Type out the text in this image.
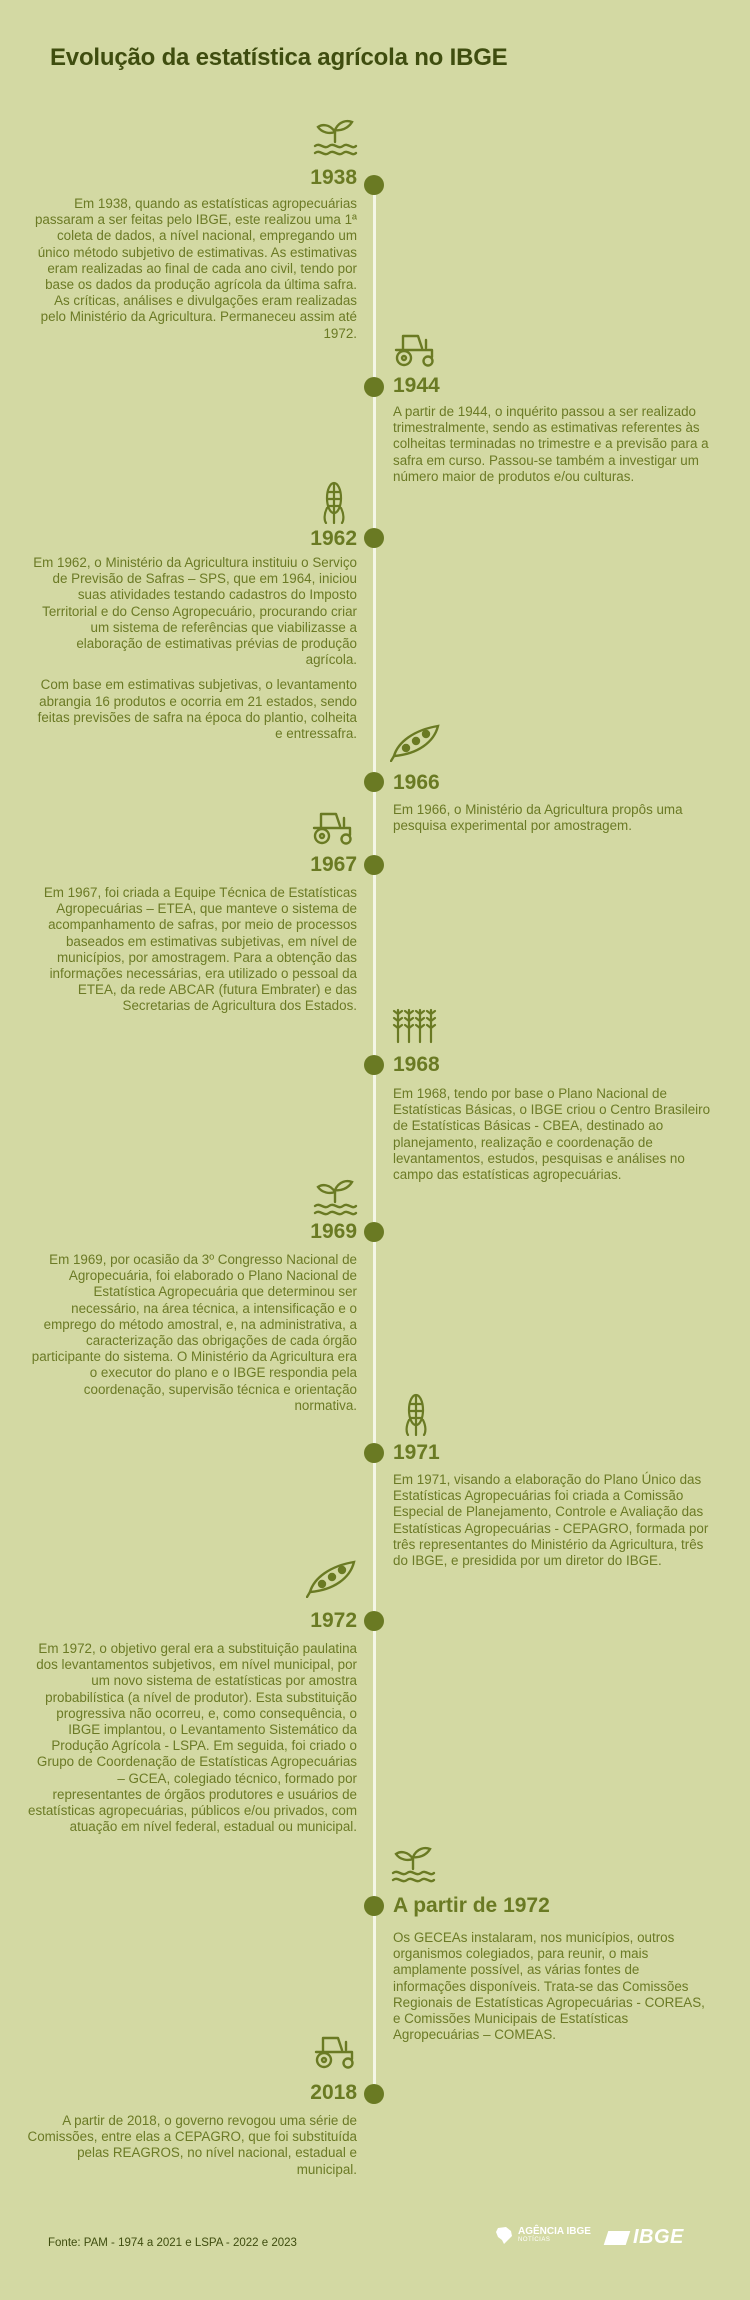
Evolução da estatística agrícola no IBGE
1938

Em 1938, quando as estatísticas agropecuárias passaram a ser feitas pelo IBGE, este realizou uma 1ª coleta de dados, a nível nacional, empregando um único método subjetivo de estimativas. As estimativas eram realizadas ao final de cada ano civil, tendo por base os dados da produção agrícola da última safra. As críticas, análises e divulgações eram realizadas pelo Ministério da Agricultura. Permaneceu assim até 1972.

1944

A partir de 1944, o inquérito passou a ser realizado trimestralmente, sendo as estimativas referentes às colheitas terminadas no trimestre e a previsão para a safra em curso. Passou-se também a investigar um número maior de produtos e/ou culturas.

1962

Em 1962, o Ministério da Agricultura instituiu o Serviço de Previsão de Safras – SPS, que em 1964, iniciou suas atividades testando cadastros do Imposto Territorial e do Censo Agropecuário, procurando criar um sistema de referências que viabilizasse a elaboração de estimativas prévias de produção agrícola.

Com base em estimativas subjetivas, o levantamento abrangia 16 produtos e ocorria em 21 estados, sendo feitas previsões de safra na época do plantio, colheita e entressafra.

1966

Em 1966, o Ministério da Agricultura propôs uma pesquisa experimental por amostragem.

1967

Em 1967, foi criada a Equipe Técnica de Estatísticas Agropecuárias – ETEA, que manteve o sistema de acompanhamento de safras, por meio de processos baseados em estimativas subjetivas, em nível de municípios, por amostragem. Para a obtenção das informações necessárias, era utilizado o pessoal da ETEA, da rede ABCAR (futura Embrater) e das Secretarias de Agricultura dos Estados.

1968

Em 1968, tendo por base o Plano Nacional de Estatísticas Básicas, o IBGE criou o Centro Brasileiro de Estatísticas Básicas - CBEA, destinado ao planejamento, realização e coordenação de levantamentos, estudos, pesquisas e análises no campo das estatísticas agropecuárias.

1969

Em 1969, por ocasião da 3º Congresso Nacional de Agropecuária, foi elaborado o Plano Nacional de Estatística Agropecuária que determinou ser necessário, na área técnica, a intensificação e o emprego do método amostral, e, na administrativa, a caracterização das obrigações de cada órgão participante do sistema. O Ministério da Agricultura era o executor do plano e o IBGE respondia pela coordenação, supervisão técnica e orientação normativa.

1971

Em 1971, visando a elaboração do Plano Único das Estatísticas Agropecuárias foi criada a Comissão Especial de Planejamento, Controle e Avaliação das Estatísticas Agropecuárias - CEPAGRO, formada por três representantes do Ministério da Agricultura, três do IBGE, e presidida por um diretor do IBGE.

1972

Em 1972, o objetivo geral era a substituição paulatina dos levantamentos subjetivos, em nível municipal, por um novo sistema de estatísticas por amostra probabilística (a nível de produtor). Esta substituição progressiva não ocorreu, e, como consequência, o IBGE implantou, o Levantamento Sistemático da Produção Agrícola - LSPA. Em seguida, foi criado o Grupo de Coordenação de Estatísticas Agropecuárias – GCEA, colegiado técnico, formado por representantes de órgãos produtores e usuários de estatísticas agropecuárias, públicos e/ou privados, com atuação em nível federal, estadual ou municipal.

A partir de 1972

Os GECEAs instalaram, nos municípios, outros organismos colegiados, para reunir, o mais amplamente possível, as várias fontes de informações disponíveis. Trata-se das Comissões Regionais de Estatísticas Agropecuárias - COREAS, e Comissões Municipais de Estatísticas Agropecuárias – COMEAS.

2018

A partir de 2018, o governo revogou uma série de Comissões, entre elas a CEPAGRO, que foi substituída pelas REAGROS, no nível nacional, estadual e municipal.

Fonte: PAM - 1974 a 2021 e LSPA - 2022 e 2023
AGÊNCIA IBGE
NOTÍCIAS	IBGE
